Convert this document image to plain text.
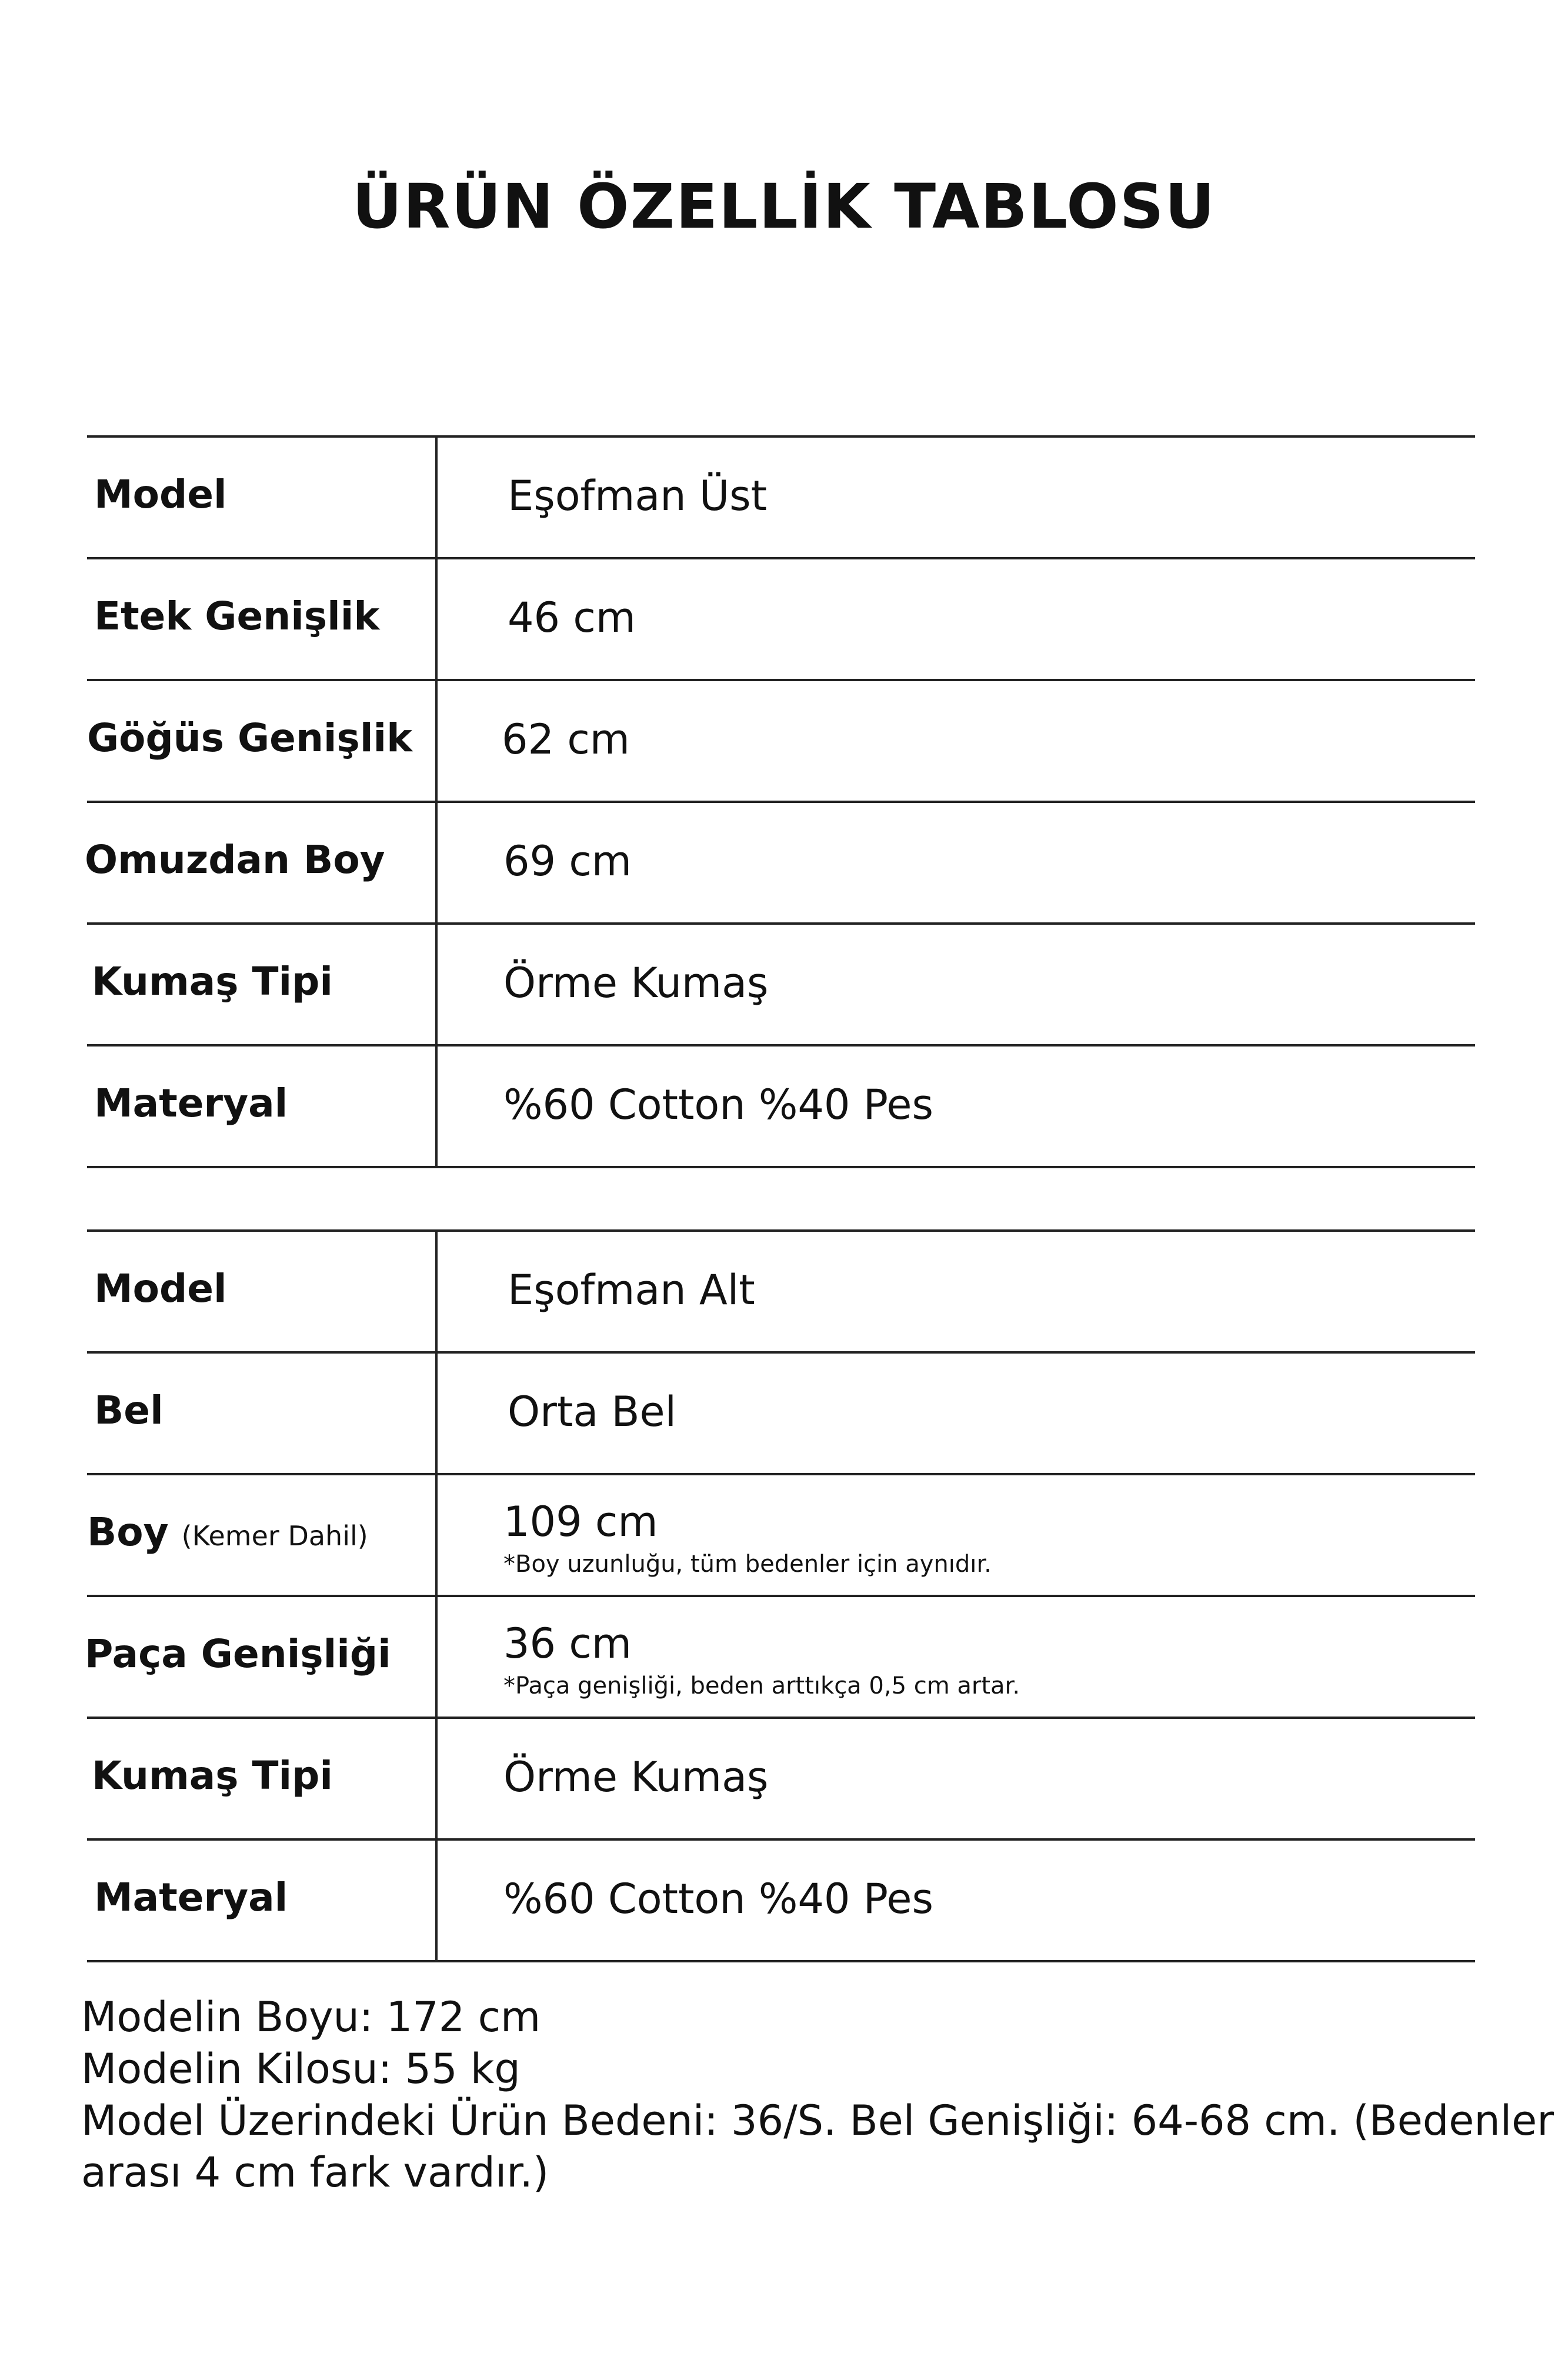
ÜRÜN ÖZELLİK TABLOSU
Model	Eşofman Üst
Etek Genişlik	46 cm
Göğüs Genişlik 62 cm
Omuzdan Boy	69 cm
Kumaş Tipi	Örme Kumaş
Materyal	%60 Cotton %40 Pes
Model	Eşofman Alt
Bel	Orta Bel
Boy (Kemer Dahil)	109 cm
*Boy uzunluğu, tüm bedenler için aynıdır.
Paça Genişliği	36 cm
*Paça genişliği, beden arttıkça 0,5 cm artar.
Kumaş Tipi	Örme Kumaş
Materyal	%60 Cotton %40 Pes
Modelin Boyu: 172 cm
Modelin Kilosu: 55 kg
Model Üzerindeki Ürün Bedeni: 36/S. Bel Genişliği: 64-68 cm. (Bedenler
arası 4 cm fark vardır.)
